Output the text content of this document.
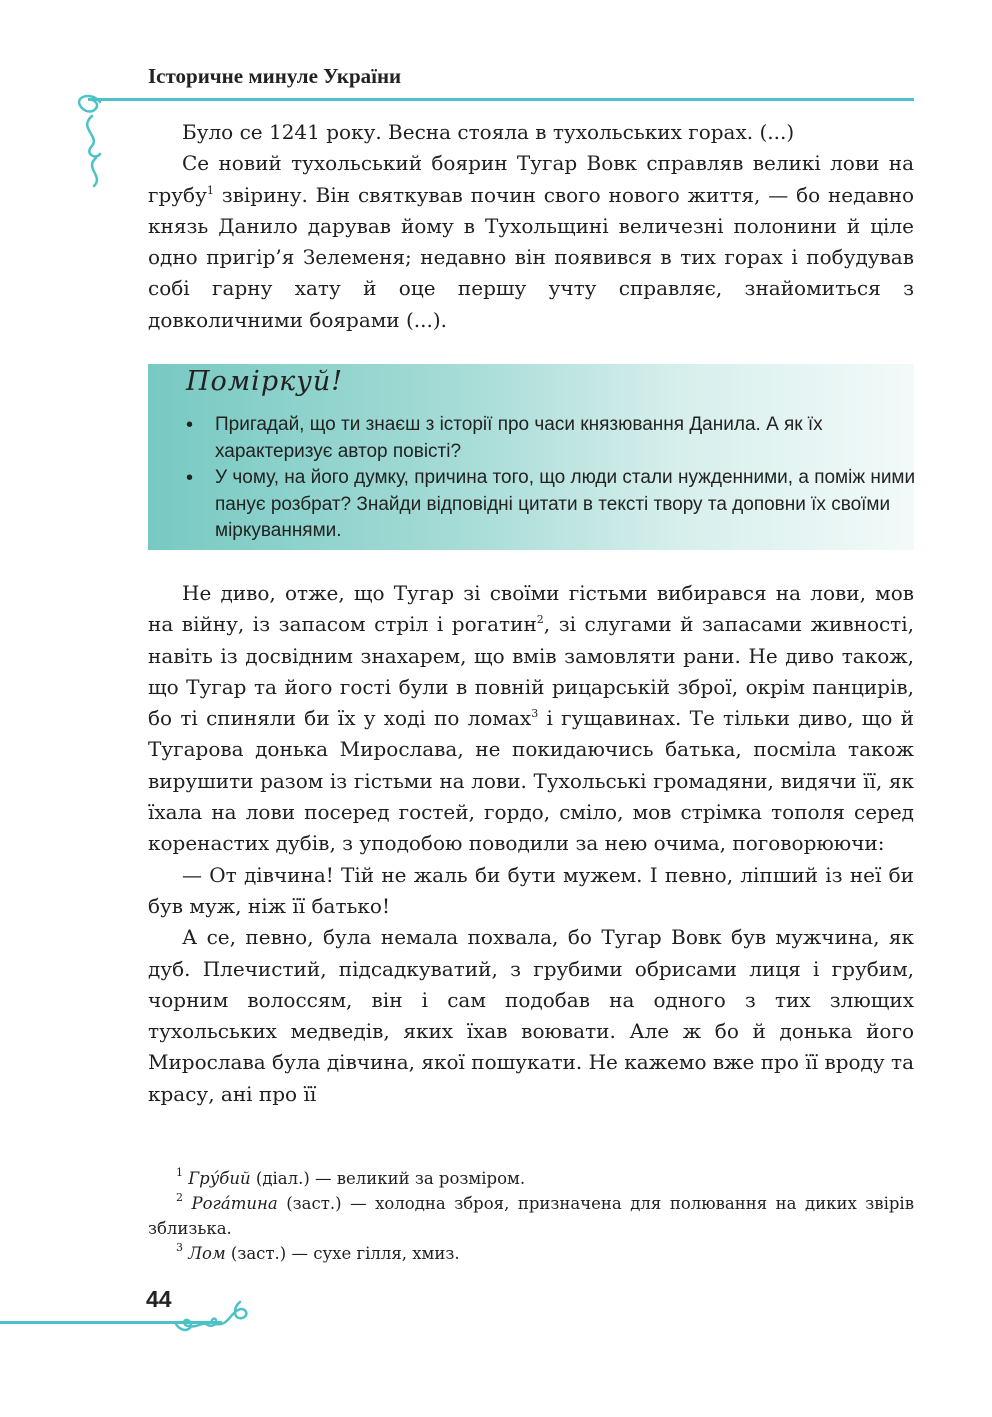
Історичне минуле України

Було се 1241 року. Весна стояла в тухольських горах. (...)

Се новий тухольський боярин Тугар Вовк справляв великі лови на грубу$^1$ звірину. Він святкував почин свого нового життя, — бо недавно князь Данило дарував йому в Тухольщині величезні полонини й ціле одно пригір’я Зелеменя; недавно він появився в тих горах і побудував собі гарну хату й оце першу учту справляє, знайомиться з довколичними боярами (...).

Поміркуй!
• Пригадай, що ти знаєш з історії про часи князювання Данила. А як їх характеризує автор повісті?
• У чому, на його думку, причина того, що люди стали нужденними, а поміж ними панує розбрат? Знайди відповідні цитати в тексті твору та доповни їх своїми міркуваннями.

Не диво, отже, що Тугар зі своїми гістьми вибирався на лови, мов на війну, із запасом стріл і рогатин$^2$, зі слугами й запасами живності, навіть із досвідним знахарем, що вмів замовляти рани. Не диво також, що Тугар та його гості були в повній рицарській зброї, окрім панцирів, бо ті спиняли би їх у ході по ломах$^3$ і гущавинах. Те тільки диво, що й Тугарова донька Мирослава, не покидаючись батька, посміла також вирушити разом із гістьми на лови. Тухольські громадяни, видячи її, як їхала на лови посеред гостей, гордо, сміло, мов стрімка тополя серед коренастих дубів, з уподобою поводили за нею очима, поговорюючи:

— От дівчина! Тій не жаль би бути мужем. І певно, ліпший із неї би був муж, ніж її батько!

А се, певно, була немала похвала, бо Тугар Вовк був мужчина, як дуб. Плечистий, підсадкуватий, з грубими обрисами лиця і грубим, чорним волоссям, він і сам подобав на одного з тих злющих тухольських медведів, яких їхав воювати. Але ж бо й донька його Мирослава була дівчина, якої пошукати. Не кажемо вже про її вроду та красу, ані про її

$^1$ Гру́бий (діал.) — великий за розміром.

$^2$ Рога́тина (заст.) — холодна зброя, призначена для полювання на диких звірів зблизька.

$^3$ Лом (заст.) — сухе гілля, хмиз.

44
